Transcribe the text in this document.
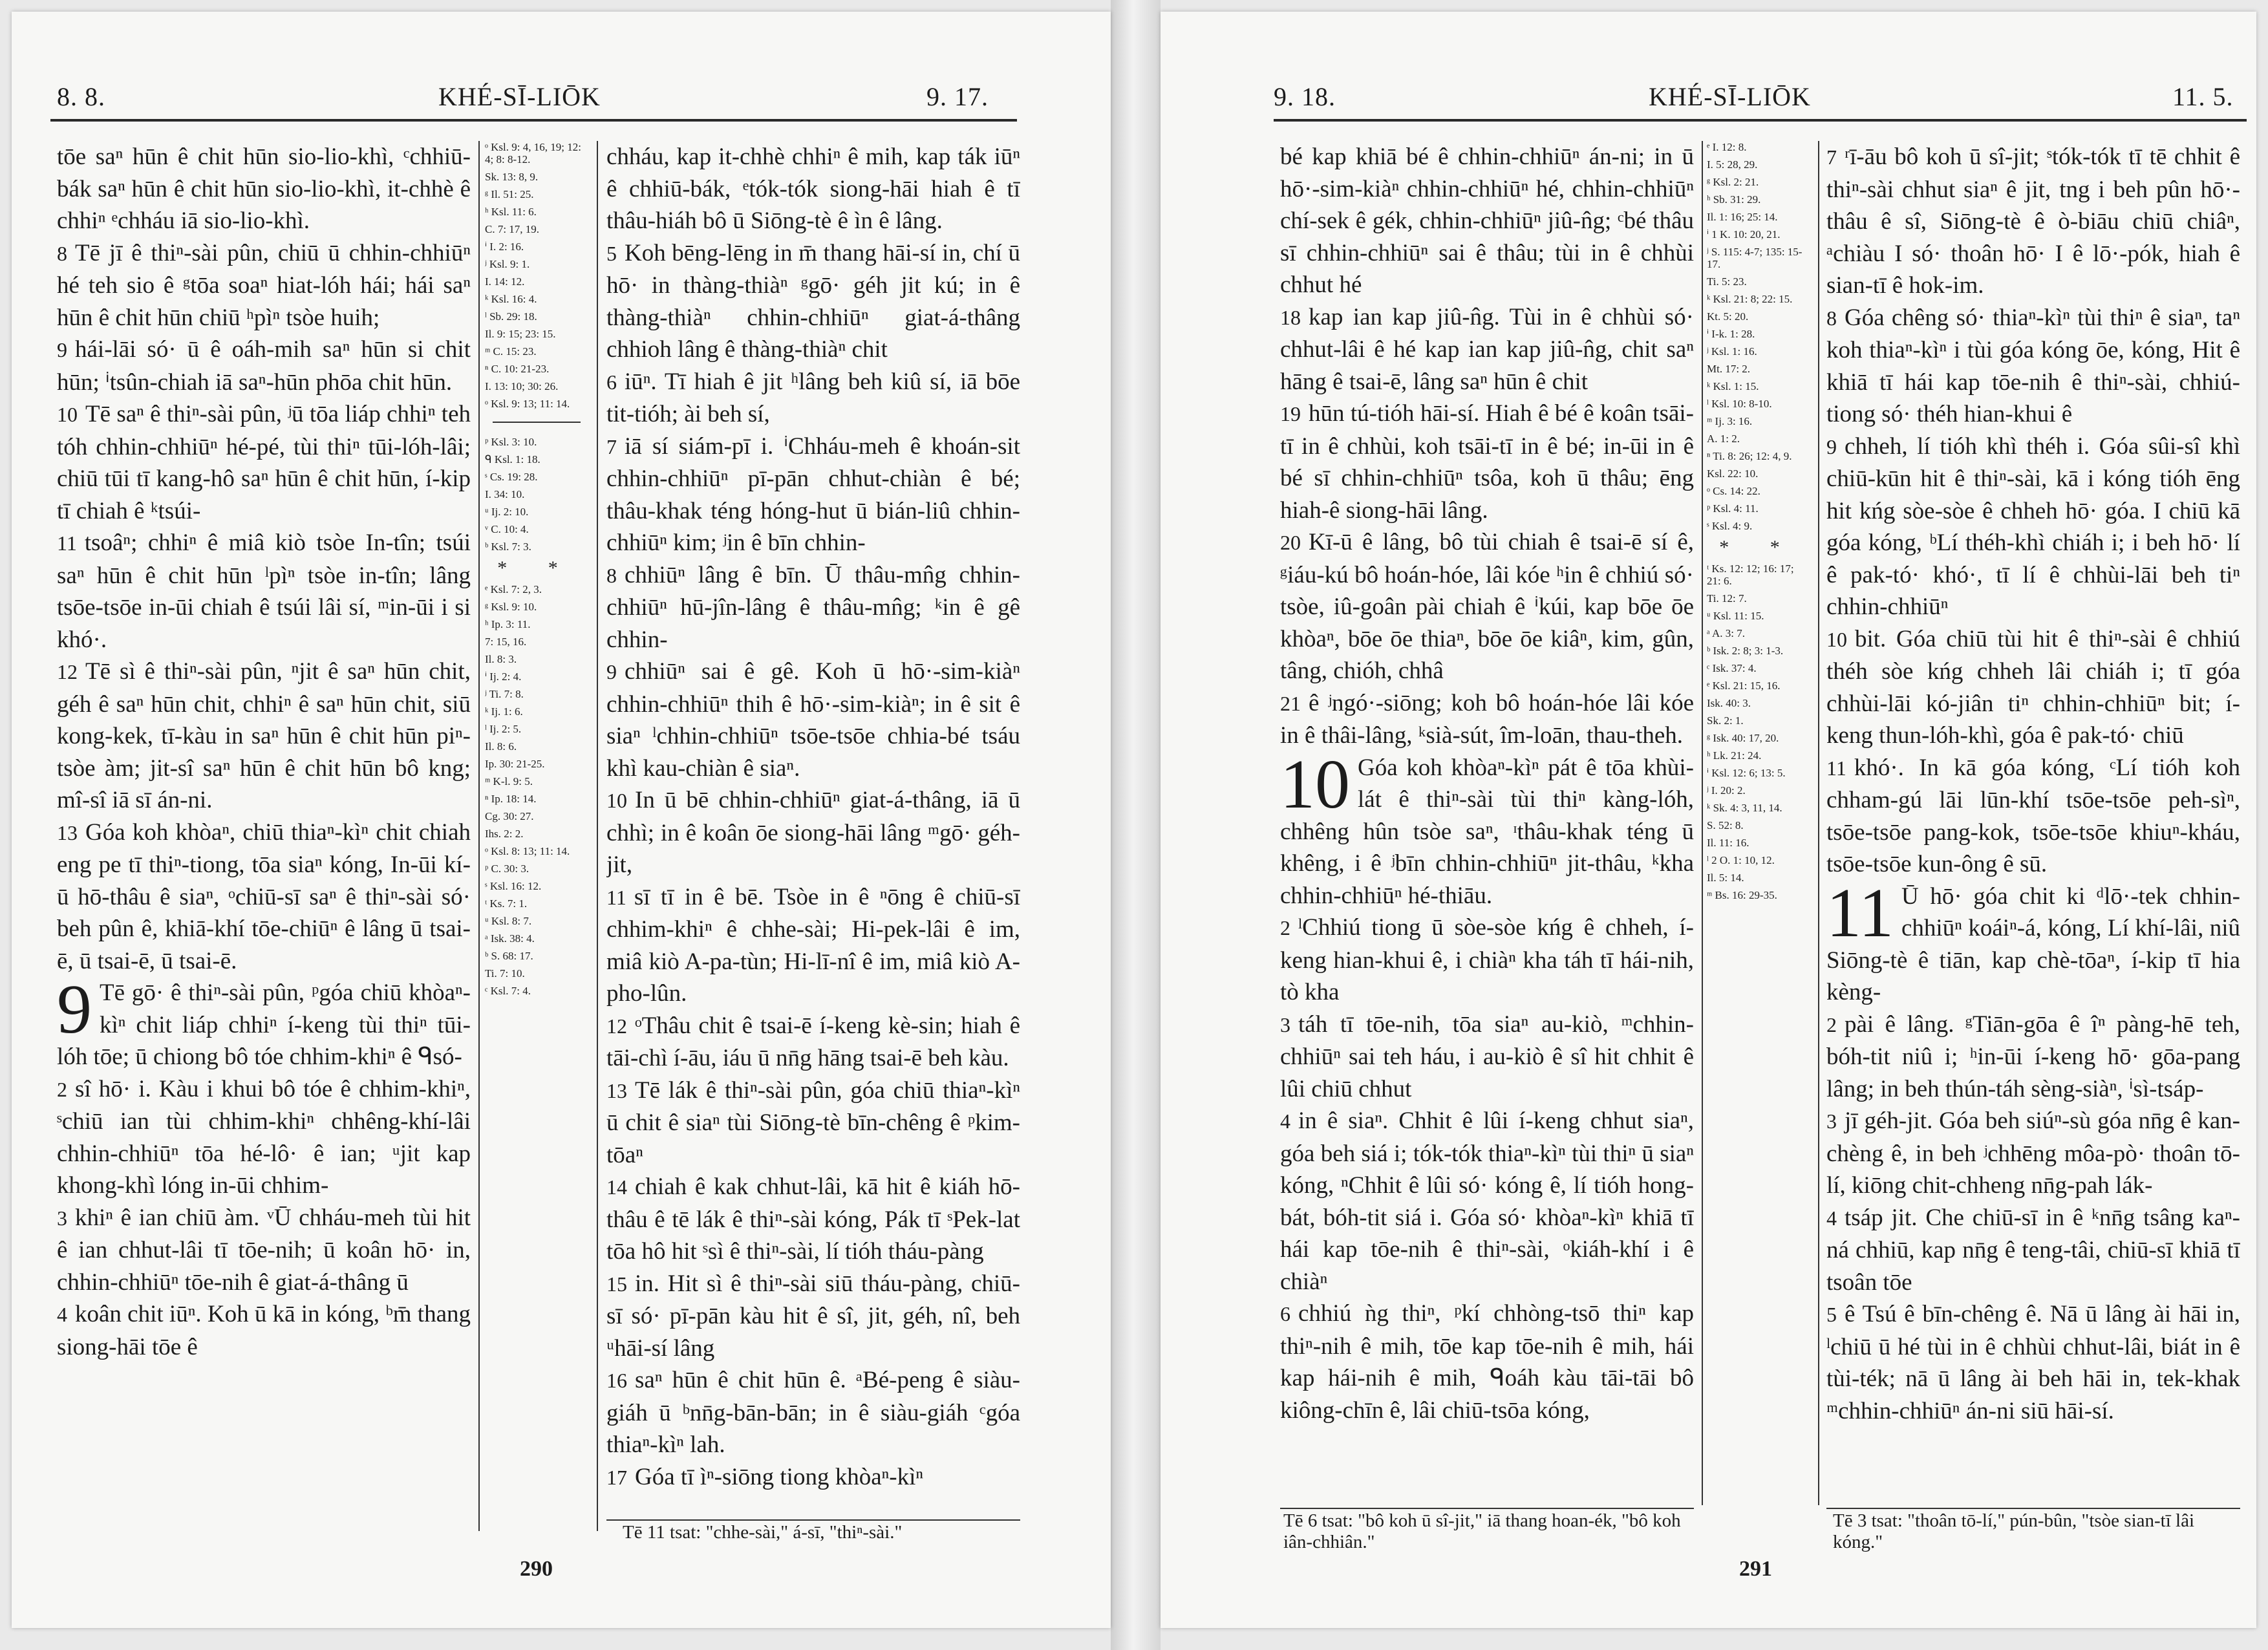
8. 8.	KHÉ-SĪ-LIŌK	9. 17.

tōe saⁿ hūn ê chit hūn sio-lio-khì, ᶜchhiū-bák saⁿ hūn ê chit hūn sio-lio-khì, it-chhè ê chhiⁿ ᵉchháu iā sio-lio-khì.

8 Tē jī ê thiⁿ-sài pûn, chiū ū chhin-chhiūⁿ hé teh sio ê ᵍtōa soaⁿ hiat-lóh hái; hái saⁿ hūn ê chit hūn chiū ʰpìⁿ tsòe huih;

9 hái-lāi só· ū ê oáh-mih saⁿ hūn si chit hūn; ⁱtsûn-chiah iā saⁿ-hūn phōa chit hūn.

10 Tē saⁿ ê thiⁿ-sài pûn, ʲū tōa liáp chhiⁿ teh tóh chhin-chhiūⁿ hé-pé, tùi thiⁿ tūi-lóh-lâi; chiū tūi tī kang-hô saⁿ hūn ê chit hūn, í-kip tī chiah ê ᵏtsúi-

11 tsoâⁿ; chhiⁿ ê miâ kiò tsòe In-tîn; tsúi saⁿ hūn ê chit hūn ˡpìⁿ tsòe in-tîn; lâng tsōe-tsōe in-ūi chiah ê tsúi lâi sí, ᵐin-ūi i si khó·.

12 Tē sì ê thiⁿ-sài pûn, ⁿjit ê saⁿ hūn chit, géh ê saⁿ hūn chit, chhiⁿ ê saⁿ hūn chit, siū kong-kek, tī-kàu in saⁿ hūn ê chit hūn piⁿ-tsòe àm; jit-sî saⁿ hūn ê chit hūn bô kng; mî-sî iā sī án-ni.

13 Góa koh khòaⁿ, chiū thiaⁿ-kìⁿ chit chiah eng pe tī thiⁿ-tiong, tōa siaⁿ kóng, In-ūi kí-ū hō-thâu ê siaⁿ, ᵒchiū-sī saⁿ ê thiⁿ-sài só· beh pûn ê, khiā-khí tōe-chiūⁿ ê lâng ū tsai-ē, ū tsai-ē, ū tsai-ē.

9 Tē gō· ê thiⁿ-sài pûn, ᵖgóa chiū khòaⁿ-kìⁿ chit liáp chhiⁿ í-keng tùi thiⁿ tūi-lóh tōe; ū chiong bô tóe chhim-khiⁿ ê ᑫsó-

2 sî hō· i. Kàu i khui bô tóe ê chhim-khiⁿ, ˢchiū ian tùi chhim-khiⁿ chhêng-khí-lâi chhin-chhiūⁿ tōa hé-lô· ê ian; ᵘjit kap khong-khì lóng in-ūi chhim-

3 khiⁿ ê ian chiū àm. ᵛŪ chháu-meh tùi hit ê ian chhut-lâi tī tōe-nih; ū koân hō· in, chhin-chhiūⁿ tōe-nih ê giat-á-thâng ū

4 koân chit iūⁿ. Koh ū kā in kóng, ᵇm̄ thang siong-hāi tōe ê

ᵒ Ksl. 9: 4, 16, 19; 12: 4; 8: 8-12.
Sk. 13: 8, 9.
ᵍ Il. 51: 25.
ʰ Ksl. 11: 6.
C. 7: 17, 19.
ⁱ I. 2: 16.
ʲ Ksl. 9: 1.
I. 14: 12.
ᵏ Ksl. 16: 4.
ˡ Sb. 29: 18.
Il. 9: 15; 23: 15.
ᵐ C. 15: 23.
ⁿ C. 10: 21-23.
I. 13: 10; 30: 26.
ᵒ Ksl. 9: 13; 11: 14.
ᵖ Ksl. 3: 10.
ᑫ Ksl. 1: 18.
ˢ Cs. 19: 28.
I. 34: 10.
ᵘ Ij. 2: 10.
ᵛ C. 10: 4.
ᵇ Ksl. 7: 3.
* *
ᵉ Ksl. 7: 2, 3.
ᵍ Ksl. 9: 10.
ʰ Ip. 3: 11.
7: 15, 16.
Il. 8: 3.
ⁱ Ij. 2: 4.
ʲ Ti. 7: 8.
ᵏ Ij. 1: 6.
ˡ Ij. 2: 5.
Il. 8: 6.
Ip. 30: 21-25.
ᵐ K-l. 9: 5.
ⁿ Ip. 18: 14.
Cg. 30: 27.
Ihs. 2: 2.
ᵒ Ksl. 8: 13; 11: 14.
ᵖ C. 30: 3.
ˢ Ksl. 16: 12.
ᵗ Ks. 7: 1.
ᵘ Ksl. 8: 7.
ᵃ Isk. 38: 4.
ᵇ S. 68: 17.
Ti. 7: 10.
ᶜ Ksl. 7: 4.

chháu, kap it-chhè chhiⁿ ê mih, kap ták iūⁿ ê chhiū-bák, ᵉtók-tók siong-hāi hiah ê tī thâu-hiáh bô ū Siōng-tè ê ìn ê lâng.

5 Koh bēng-lēng in m̄ thang hāi-sí in, chí ū hō· in thàng-thiàⁿ ᵍgō· géh jit kú; in ê thàng-thiàⁿ chhin-chhiūⁿ giat-á-thâng chhioh lâng ê thàng-thiàⁿ chit

6 iūⁿ. Tī hiah ê jit ʰlâng beh kiû sí, iā bōe tit-tióh; ài beh sí,

7 iā sí siám-pī i. ⁱChháu-meh ê khoán-sit chhin-chhiūⁿ pī-pān chhut-chiàn ê bé; thâu-khak téng hóng-hut ū bián-liû chhin-chhiūⁿ kim; ʲin ê bīn chhin-

8 chhiūⁿ lâng ê bīn. Ū thâu-mn̂g chhin-chhiūⁿ hū-jîn-lâng ê thâu-mn̂g; ᵏin ê gê chhin-

9 chhiūⁿ sai ê gê. Koh ū hō·-sim-kiàⁿ chhin-chhiūⁿ thih ê hō·-sim-kiàⁿ; in ê sit ê siaⁿ ˡchhin-chhiūⁿ tsōe-tsōe chhia-bé tsáu khì kau-chiàn ê siaⁿ.

10 In ū bē chhin-chhiūⁿ giat-á-thâng, iā ū chhì; in ê koân ōe siong-hāi lâng ᵐgō· géh-jit,

11 sī tī in ê bē. Tsòe in ê ⁿōng ê chiū-sī chhim-khiⁿ ê chhe-sài; Hi-pek-lâi ê im, miâ kiò A-pa-tùn; Hi-lī-nî ê im, miâ kiò A-pho-lûn.

12 ᵒThâu chit ê tsai-ē í-keng kè-sin; hiah ê tāi-chì í-āu, iáu ū nn̄g hāng tsai-ē beh kàu.

13 Tē lák ê thiⁿ-sài pûn, góa chiū thiaⁿ-kìⁿ ū chit ê siaⁿ tùi Siōng-tè bīn-chêng ê ᵖkim-tōaⁿ

14 chiah ê kak chhut-lâi, kā hit ê kiáh hō-thâu ê tē lák ê thiⁿ-sài kóng, Pák tī ˢPek-lat tōa hô hit ˢsì ê thiⁿ-sài, lí tióh tháu-pàng

15 in. Hit sì ê thiⁿ-sài siū tháu-pàng, chiū-sī só· pī-pān kàu hit ê sî, jit, géh, nî, beh ᵘhāi-sí lâng

16 saⁿ hūn ê chit hūn ê. ᵃBé-peng ê siàu-giáh ū ᵇnn̄g-bān-bān; in ê siàu-giáh ᶜgóa thiaⁿ-kìⁿ lah.

17 Góa tī ìⁿ-siōng tiong khòaⁿ-kìⁿ

Tē 11 tsat: "chhe-sài," á-sī, "thiⁿ-sài."
290
9. 18.	KHÉ-SĪ-LIŌK	11. 5.

bé kap khiā bé ê chhin-chhiūⁿ án-ni; in ū hō·-sim-kiàⁿ chhin-chhiūⁿ hé, chhin-chhiūⁿ chí-sek ê gék, chhin-chhiūⁿ jiû-n̂g; ᶜbé thâu sī chhin-chhiūⁿ sai ê thâu; tùi in ê chhùi chhut hé

18 kap ian kap jiû-n̂g. Tùi in ê chhùi só· chhut-lâi ê hé kap ian kap jiû-n̂g, chit saⁿ hāng ê tsai-ē, lâng saⁿ hūn ê chit

19 hūn tú-tióh hāi-sí. Hiah ê bé ê koân tsāi-tī in ê chhùi, koh tsāi-tī in ê bé; in-ūi in ê bé sī chhin-chhiūⁿ tsôa, koh ū thâu; ēng hiah-ê siong-hāi lâng.

20 Kī-ū ê lâng, bô tùi chiah ê tsai-ē sí ê, ᵍiáu-kú bô hoán-hóe, lâi kóe ʰin ê chhiú só· tsòe, iû-goân pài chiah ê ⁱkúi, kap bōe ōe khòaⁿ, bōe ōe thiaⁿ, bōe ōe kiâⁿ, kim, gûn, tâng, chióh, chhâ

21 ê ʲngó·-siōng; koh bô hoán-hóe lâi kóe in ê thâi-lâng, ᵏsià-sút, îm-loān, thau-theh.

10 Góa koh khòaⁿ-kìⁿ pát ê tōa khùi-lát ê thiⁿ-sài tùi thiⁿ kàng-lóh, chhêng hûn tsòe saⁿ, ᶦthâu-khak téng ū khêng, i ê ʲbīn chhin-chhiūⁿ jit-thâu, ᵏkha chhin-chhiūⁿ hé-thiāu.

2 ˡChhiú tiong ū sòe-sòe kńg ê chheh, í-keng hian-khui ê, i chiàⁿ kha táh tī hái-nih, tò kha

3 táh tī tōe-nih, tōa siaⁿ au-kiò, ᵐchhin-chhiūⁿ sai teh háu, i au-kiò ê sî hit chhit ê lûi chiū chhut

4 in ê siaⁿ. Chhit ê lûi í-keng chhut siaⁿ, góa beh siá i; tók-tók thiaⁿ-kìⁿ tùi thiⁿ ū siaⁿ kóng, ⁿChhit ê lûi só· kóng ê, lí tióh hong-bát, bóh-tit siá i. Góa só· khòaⁿ-kìⁿ khiā tī hái kap tōe-nih ê thiⁿ-sài, ᵒkiáh-khí i ê chiàⁿ

6 chhiú ǹg thiⁿ, ᵖkí chhòng-tsō thiⁿ kap thiⁿ-nih ê mih, tōe kap tōe-nih ê mih, hái kap hái-nih ê mih, ᑫoáh kàu tāi-tāi bô kiông-chīn ê, lâi chiū-tsōa kóng,

ᵉ I. 12: 8.
I. 5: 28, 29.
ᵍ Ksl. 2: 21.
ʰ Sb. 31: 29.
Il. 1: 16; 25: 14.
ⁱ 1 K. 10: 20, 21.
ʲ S. 115: 4-7; 135: 15-17.
Ti. 5: 23.
ᵏ Ksl. 21: 8; 22: 15.
Kt. 5: 20.
ⁱ I-k. 1: 28.
ʲ Ksl. 1: 16.
Mt. 17: 2.
ᵏ Ksl. 1: 15.
ˡ Ksl. 10: 8-10.
ᵐ Ij. 3: 16.
A. 1: 2.
ⁿ Ti. 8: 26; 12: 4, 9.
Ksl. 22: 10.
ᵒ Cs. 14: 22.
ᵖ Ksl. 4: 11.
ˢ Ksl. 4: 9.
* *
ᵗ Ks. 12: 12; 16: 17; 21: 6.
Ti. 12: 7.
ᵘ Ksl. 11: 15.
ᵃ A. 3: 7.
ᵇ Isk. 2: 8; 3: 1-3.
ᶜ Isk. 37: 4.
ᵉ Ksl. 21: 15, 16.
Isk. 40: 3.
Sk. 2: 1.
ᵍ Isk. 40: 17, 20.
ʰ Lk. 21: 24.
ⁱ Ksl. 12: 6; 13: 5.
ʲ I. 20: 2.
ᵏ Sk. 4: 3, 11, 14.
S. 52: 8.
Il. 11: 16.
ˡ 2 O. 1: 10, 12.
Il. 5: 14.
ᵐ Bs. 16: 29-35.

7 ʳī-āu bô koh ū sî-jit; ˢtók-tók tī tē chhit ê thiⁿ-sài chhut siaⁿ ê jit, tng i beh pûn hō·-thâu ê sî, Siōng-tè ê ò-biāu chiū chiâⁿ, ᵃchiàu I só· thoân hō· I ê lō·-pók, hiah ê sian-tī ê hok-im.

8 Góa chêng só· thiaⁿ-kìⁿ tùi thiⁿ ê siaⁿ, taⁿ koh thiaⁿ-kìⁿ i tùi góa kóng ōe, kóng, Hit ê khiā tī hái kap tōe-nih ê thiⁿ-sài, chhiú-tiong só· théh hian-khui ê

9 chheh, lí tióh khì théh i. Góa sûi-sî khì chiū-kūn hit ê thiⁿ-sài, kā i kóng tióh ēng hit kńg sòe-sòe ê chheh hō· góa. I chiū kā góa kóng, ᵇLí théh-khì chiáh i; i beh hō· lí ê pak-tó· khó·, tī lí ê chhùi-lāi beh tiⁿ chhin-chhiūⁿ

10 bit. Góa chiū tùi hit ê thiⁿ-sài ê chhiú théh sòe kńg chheh lâi chiáh i; tī góa chhùi-lāi kó-jiân tiⁿ chhin-chhiūⁿ bit; í-keng thun-lóh-khì, góa ê pak-tó· chiū

11 khó·. In kā góa kóng, ᶜLí tióh koh chham-gú lāi lūn-khí tsōe-tsōe peh-sìⁿ, tsōe-tsōe pang-kok, tsōe-tsōe khiuⁿ-kháu, tsōe-tsōe kun-ông ê sū.

11 Ū hō· góa chit ki ᵈlō·-tek chhin-chhiūⁿ koáiⁿ-á, kóng, Lí khí-lâi, niû Siōng-tè ê tiān, kap chè-tōaⁿ, í-kip tī hia kèng-

2 pài ê lâng. ᵍTiān-gōa ê îⁿ pàng-hē teh, bóh-tit niû i; ʰin-ūi í-keng hō· gōa-pang lâng; in beh thún-táh sèng-siàⁿ, ⁱsì-tsáp-

3 jī géh-jit. Góa beh siúⁿ-sù góa nn̄g ê kan-chèng ê, in beh ʲchhēng môa-pò· thoân tō-lí, kiōng chit-chheng nn̄g-pah lák-

4 tsáp jit. Che chiū-sī in ê ᵏnn̄g tsâng kaⁿ-ná chhiū, kap nn̄g ê teng-tâi, chiū-sī khiā tī tsoân tōe

5 ê Tsú ê bīn-chêng ê. Nā ū lâng ài hāi in, ˡchiū ū hé tùi in ê chhùi chhut-lâi, biát in ê tùi-ték; nā ū lâng ài beh hāi in, tek-khak ᵐchhin-chhiūⁿ án-ni siū hāi-sí.

Tē 6 tsat: "bô koh ū sî-jit," iā thang hoan-ék, "bô koh iân-chhiân."
Tē 3 tsat: "thoân tō-lí," pún-bûn, "tsòe sian-tī lâi kóng."
291
